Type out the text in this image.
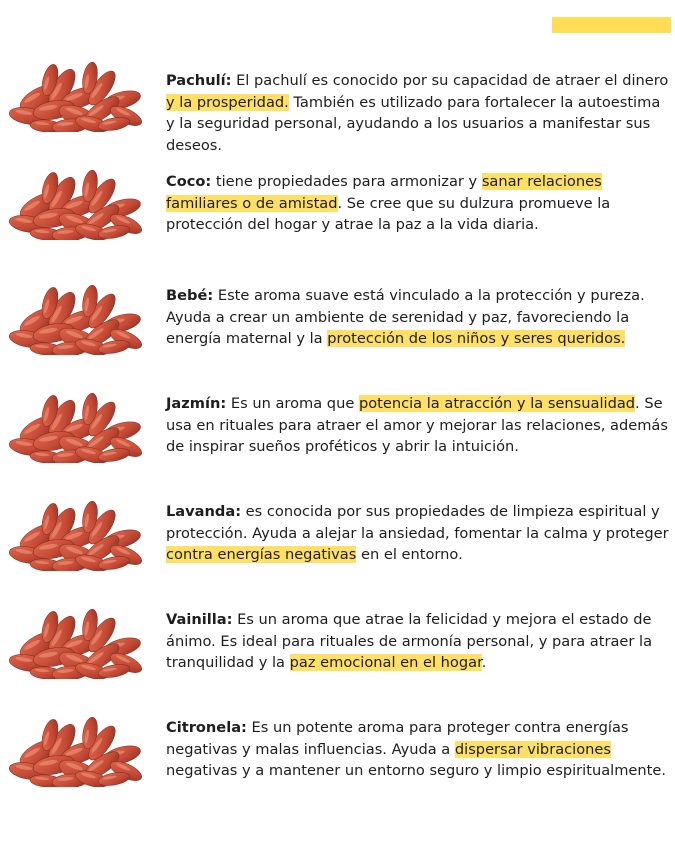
Pachulí: El pachulí es conocido por su capacidad de atraer el dinero y la prosperidad. También es utilizado para fortalecer la autoestima y la seguridad personal, ayudando a los usuarios a manifestar sus deseos.
Coco: tiene propiedades para armonizar y sanar relaciones familiares o de amistad. Se cree que su dulzura promueve la protección del hogar y atrae la paz a la vida diaria.
Bebé: Este aroma suave está vinculado a la protección y pureza. Ayuda a crear un ambiente de serenidad y paz, favoreciendo la energía maternal y la protección de los niños y seres queridos.
Jazmín: Es un aroma que potencia la atracción y la sensualidad. Se usa en rituales para atraer el amor y mejorar las relaciones, además de inspirar sueños proféticos y abrir la intuición.
Lavanda: es conocida por sus propiedades de limpieza espiritual y protección. Ayuda a alejar la ansiedad, fomentar la calma y proteger contra energías negativas en el entorno.
Vainilla: Es un aroma que atrae la felicidad y mejora el estado de ánimo. Es ideal para rituales de armonía personal, y para atraer la tranquilidad y la paz emocional en el hogar.
Citronela: Es un potente aroma para proteger contra energías negativas y malas influencias. Ayuda a dispersar vibraciones negativas y a mantener un entorno seguro y limpio espiritualmente.
